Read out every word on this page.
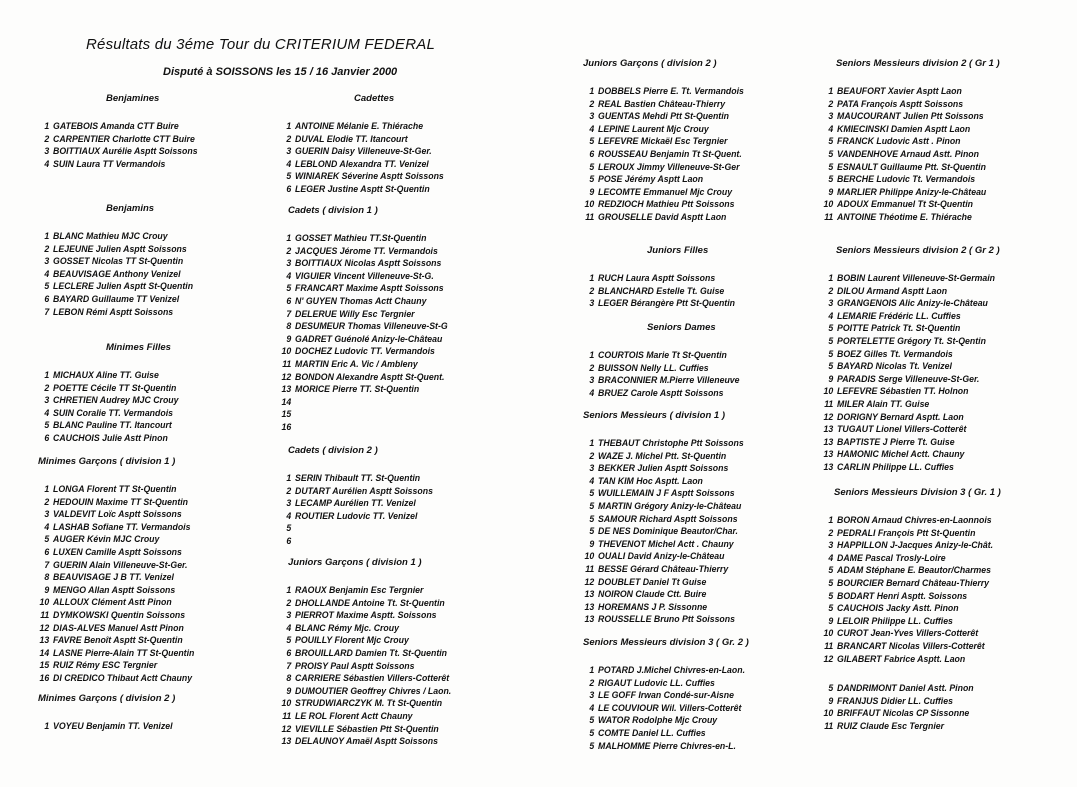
Résultats du 3éme Tour du CRITERIUM FEDERAL
Disputé à SOISSONS les 15 / 16 Janvier 2000
Benjamines
1 GATEBOIS Amanda CTT Buire
2 CARPENTIER Charlotte CTT Buire
3 BOITTIAUX Aurélie Asptt Soissons
4 SUIN Laura TT Vermandois
Benjamins
1 BLANC Mathieu MJC Crouy
2 LEJEUNE Julien Asptt Soissons
3 GOSSET Nicolas TT St-Quentin
4 BEAUVISAGE Anthony Venizel
5 LECLERE Julien Asptt St-Quentin
6 BAYARD Guillaume TT Venizel
7 LEBON Rémi Asptt Soissons
Minimes Filles
1 MICHAUX Aline TT. Guise
2 POETTE Cécile TT St-Quentin
3 CHRETIEN Audrey MJC Crouy
4 SUIN Coralie TT. Vermandois
5 BLANC Pauline TT. Itancourt
6 CAUCHOIS Julie Astt Pinon
Minimes Garçons ( division 1 )
1 LONGA Florent TT St-Quentin
2 HEDOUIN Maxime TT St-Quentin
3 VALDEVIT Loïc Asptt Soissons
4 LASHAB Sofiane TT. Vermandois
5 AUGER Kévin MJC Crouy
6 LUXEN Camille Asptt Soissons
7 GUERIN Alain Villeneuve-St-Ger.
8 BEAUVISAGE J B TT. Venizel
9 MENGO Allan Asptt Soissons
10 ALLOUX Clément Astt Pinon
11 DYMKOWSKI Quentin Soissons
12 DIAS-ALVES Manuel Astt Pinon
13 FAVRE Benoît Asptt St-Quentin
14 LASNE Pierre-Alain TT St-Quentin
15 RUIZ Rémy ESC Tergnier
16 DI CREDICO Thibaut Actt Chauny
Minimes Garçons ( division 2 )
1 VOYEU Benjamin TT. Venizel
Cadettes
1 ANTOINE Mélanie E. Thiérache
2 DUVAL Elodie TT. Itancourt
3 GUERIN Daisy Villeneuve-St-Ger.
4 LEBLOND Alexandra TT. Venizel
5 WINIAREK Séverine Asptt Soissons
6 LEGER Justine Asptt St-Quentin
Cadets ( division 1 )
1 GOSSET Mathieu TT.St-Quentin
2 JACQUES Jérome TT. Vermandois
3 BOITTIAUX Nicolas Asptt Soissons
4 VIGUIER Vincent Villeneuve-St-G.
5 FRANCART Maxime Asptt Soissons
6 N' GUYEN Thomas Actt Chauny
7 DELERUE Willy Esc Tergnier
8 DESUMEUR Thomas Villeneuve-St-G
9 GADRET Guénolé Anizy-le-Château
10 DOCHEZ Ludovic TT. Vermandois
11 MARTIN Eric A. Vic / Ambleny
12 BONDON Alexandre Asptt St-Quent.
13 MORICE Pierre TT. St-Quentin
14
15
16
Cadets ( division 2 )
1 SERIN Thibault TT. St-Quentin
2 DUTART Aurélien Asptt Soissons
3 LECAMP Aurélien TT. Venizel
4 ROUTIER Ludovic TT. Venizel
5
6
Juniors Garçons ( division 1 )
1 RAOUX Benjamin Esc Tergnier
2 DHOLLANDE Antoine Tt. St-Quentin
3 PIERROT Maxime Asptt. Soissons
4 BLANC Rémy Mjc. Crouy
5 POUILLY Florent Mjc Crouy
6 BROUILLARD Damien Tt. St-Quentin
7 PROISY Paul Asptt Soissons
8 CARRIERE Sébastien Villers-Cotterêt
9 DUMOUTIER Geoffrey Chivres / Laon.
10 STRUDWIARCZYK M. Tt St-Quentin
11 LE ROL Florent Actt Chauny
12 VIEVILLE Sébastien Ptt St-Quentin
13 DELAUNOY Amaël Asptt Soissons
Juniors Garçons ( division 2 )
1 DOBBELS Pierre E. Tt. Vermandois
2 REAL Bastien Château-Thierry
3 GUENTAS Mehdi Ptt St-Quentin
4 LEPINE Laurent Mjc Crouy
5 LEFEVRE Mickaël Esc Tergnier
6 ROUSSEAU Benjamin Tt St-Quent.
5 LEROUX Jimmy Villeneuve-St-Ger
5 POSE Jérémy Asptt Laon
9 LECOMTE Emmanuel Mjc Crouy
10 REDZIOCH Mathieu Ptt Soissons
11 GROUSELLE David Asptt Laon
Juniors Filles
1 RUCH Laura Asptt Soissons
2 BLANCHARD Estelle Tt. Guise
3 LEGER Bérangère Ptt St-Quentin
Seniors Dames
1 COURTOIS Marie Tt St-Quentin
2 BUISSON Nelly LL. Cuffies
3 BRACONNIER M.Pierre Villeneuve
4 BRUEZ Carole Asptt Soissons
Seniors Messieurs ( division 1 )
1 THEBAUT Christophe Ptt Soissons
2 WAZE J. Michel Ptt. St-Quentin
3 BEKKER Julien Asptt Soissons
4 TAN KIM Hoc Asptt. Laon
5 WUILLEMAIN J F Asptt Soissons
5 MARTIN Grégory Anizy-le-Château
5 SAMOUR Richard Asptt Soissons
5 DE NES Dominique Beautor/Char.
9 THEVENOT Michel Actt . Chauny
10 OUALI David Anizy-le-Château
11 BESSE Gérard Château-Thierry
12 DOUBLET Daniel Tt Guise
13 NOIRON Claude Ctt. Buire
13 HOREMANS J P. Sissonne
13 ROUSSELLE Bruno Ptt Soissons
Seniors Messieurs division 3 ( Gr. 2 )
1 POTARD J.Michel Chivres-en-Laon.
2 RIGAUT Ludovic LL. Cuffies
3 LE GOFF Irwan Condé-sur-Aisne
4 LE COUVIOUR Wil. Villers-Cotterêt
5 WATOR Rodolphe Mjc Crouy
5 COMTE Daniel LL. Cuffies
5 MALHOMME Pierre Chivres-en-L.
Seniors Messieurs division 2 ( Gr 1 )
1 BEAUFORT Xavier Asptt Laon
2 PATA François Asptt Soissons
3 MAUCOURANT Julien Ptt Soissons
4 KMIECINSKI Damien Asptt Laon
5 FRANCK Ludovic Astt . Pinon
5 VANDENHOVE Arnaud Astt. Pinon
5 ESNAULT Guillaume Ptt. St-Quentin
5 BERCHE Ludovic Tt. Vermandois
9 MARLIER Philippe Anizy-le-Château
10 ADOUX Emmanuel Tt St-Quentin
11 ANTOINE Théotime E. Thiérache
Seniors Messieurs division 2 ( Gr 2 )
1 BOBIN Laurent Villeneuve-St-Germain
2 DILOU Armand Asptt Laon
3 GRANGENOIS Alic Anizy-le-Château
4 LEMARIE Frédéric LL. Cuffies
5 POITTE Patrick Tt. St-Quentin
5 PORTELETTE Grégory Tt. St-Qentin
5 BOEZ Gilles Tt. Vermandois
5 BAYARD Nicolas Tt. Venizel
9 PARADIS Serge Villeneuve-St-Ger.
10 LEFEVRE Sébastien TT. Holnon
11 MILER Alain TT. Guise
12 DORIGNY Bernard Asptt. Laon
13 TUGAUT Lionel Villers-Cotterêt
13 BAPTISTE J Pierre Tt. Guise
13 HAMONIC Michel Actt. Chauny
13 CARLIN Philippe LL. Cuffies
Seniors Messieurs Division 3 ( Gr. 1 )
1 BORON Arnaud Chivres-en-Laonnois
2 PEDRALI François Ptt St-Quentin
3 HAPPILLON J-Jacques Anizy-le-Chât.
4 DAME Pascal Trosly-Loire
5 ADAM Stéphane E. Beautor/Charmes
5 BOURCIER Bernard Château-Thierry
5 BODART Henri Asptt. Soissons
5 CAUCHOIS Jacky Astt. Pinon
9 LELOIR Philippe LL. Cuffies
10 CUROT Jean-Yves Villers-Cotterêt
11 BRANCART Nicolas Villers-Cotterêt
12 GILABERT Fabrice Asptt. Laon
5 DANDRIMONT Daniel Astt. Pinon
9 FRANJUS Didier LL. Cuffies
10 BRIFFAUT Nicolas CP Sissonne
11 RUIZ Claude Esc Tergnier
